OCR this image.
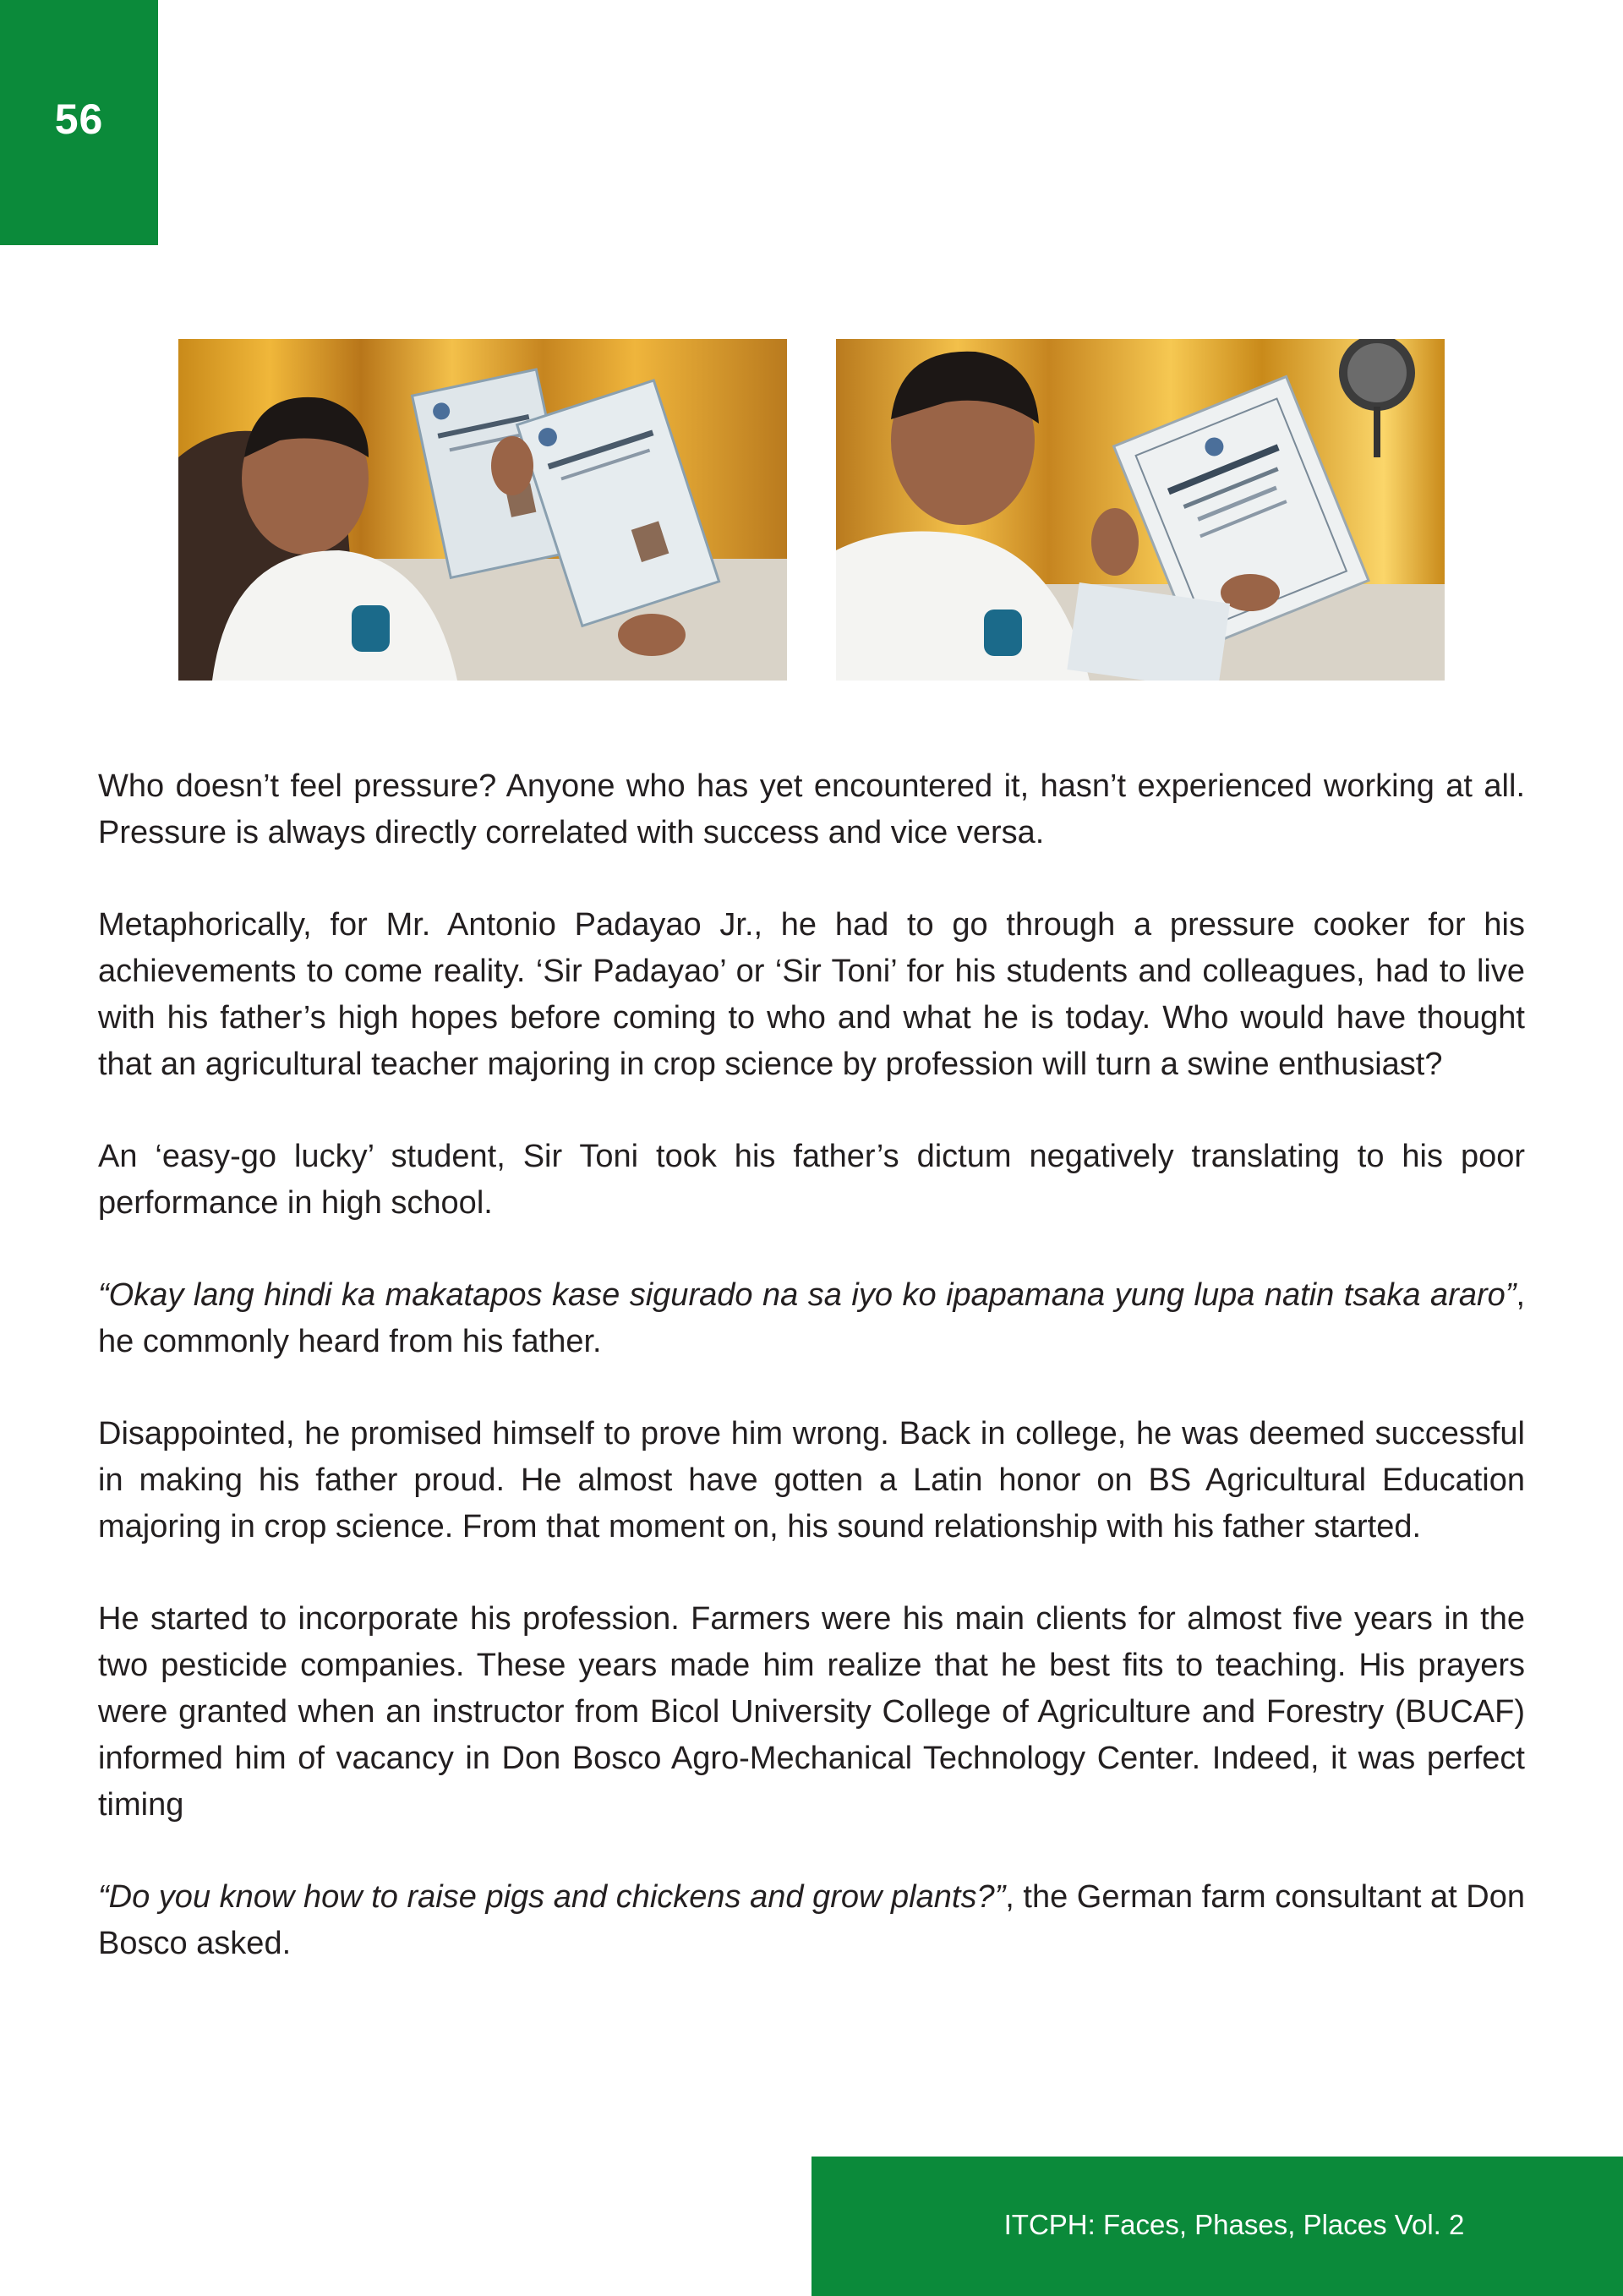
56

Who doesn’t feel pressure? Anyone who has yet encountered it, hasn’t experienced working at all. Pressure is always directly correlated with success and vice versa.

Metaphorically, for Mr. Antonio Padayao Jr., he had to go through a pressure cooker for his achievements to come reality. ‘Sir Padayao’ or ‘Sir Toni’ for his students and colleagues, had to live with his father’s high hopes before coming to who and what he is today. Who would have thought that an agricultural teacher majoring in crop science by profession will turn a swine enthusiast?

An ‘easy-go lucky’ student, Sir Toni took his father’s dictum negatively translating to his poor performance in high school.

“Okay lang hindi ka makatapos kase sigurado na sa iyo ko ipapamana yung lupa natin tsaka araro”, he commonly heard from his father.

Disappointed, he promised himself to prove him wrong. Back in college, he was deemed successful in making his father proud. He almost have gotten a Latin honor on BS Agricultural Education majoring in crop science. From that moment on, his sound relationship with his father started.

He started to incorporate his profession. Farmers were his main clients for almost five years in the two pesticide companies. These years made him realize that he best fits to teaching. His prayers were granted when an instructor from Bicol University College of Agriculture and Forestry (BUCAF) informed him of vacancy in Don Bosco Agro-Mechanical Technology Center. Indeed, it was perfect timing

“Do you know how to raise pigs and chickens and grow plants?”, the German farm consultant at Don Bosco asked.

ITCPH: Faces, Phases, Places Vol. 2
